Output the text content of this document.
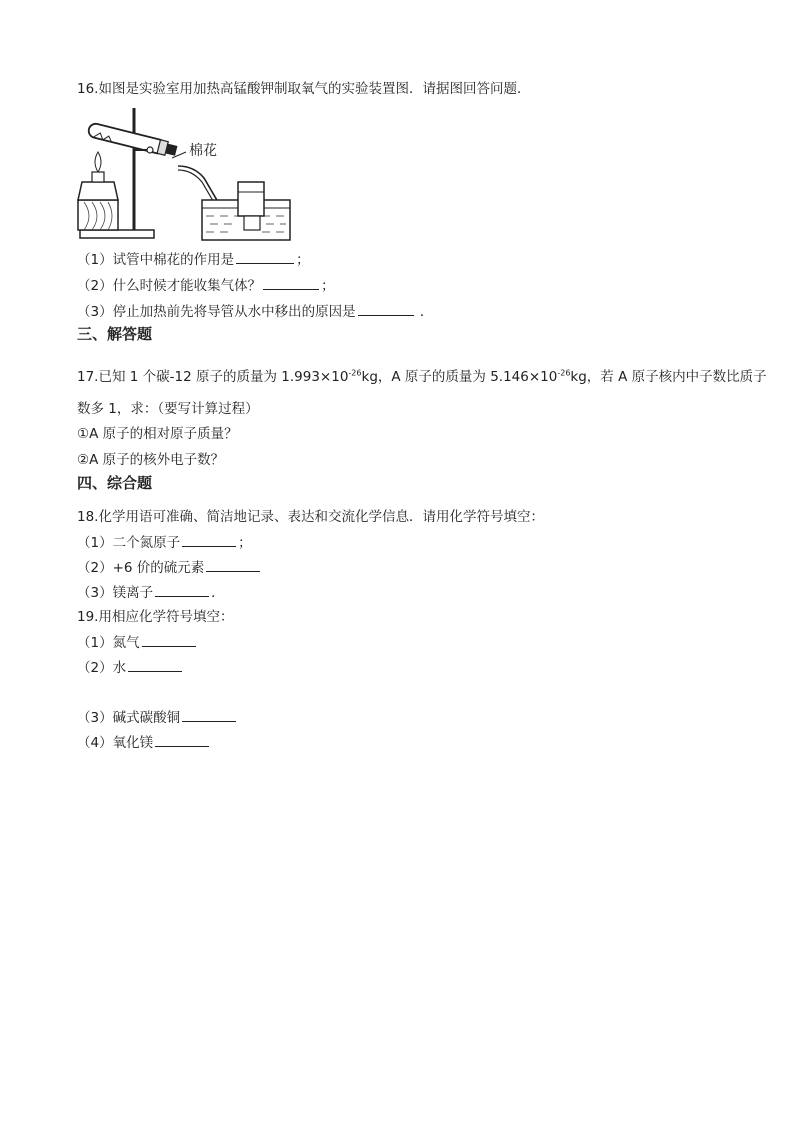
16.如图是实验室用加热高锰酸钾制取氧气的实验装置图．请据图回答问题．
棉花
（1）试管中棉花的作用是	；
（2）什么时候才能收集气体？	；
（3）停止加热前先将导管从水中移出的原因是	．
三、解答题
17.已知 1 个碳-12 原子的质量为 $1.993\times 10^{-26}kg$，A 原子的质量为 $5.146\times 10^{-26}kg$，若 A 原子核内中子数比质子
数多 1，求：（要写计算过程）
①A 原子的相对原子质量？
②A 原子的核外电子数？
四、综合题
18.化学用语可准确、简洁地记录、表达和交流化学信息．请用化学符号填空：
（1）二个氮原子	；
（2）+6 价的硫元素
（3）镁离子	．
19.用相应化学符号填空：
（1）氮气
（2）水
（3）碱式碳酸铜
（4）氧化镁
